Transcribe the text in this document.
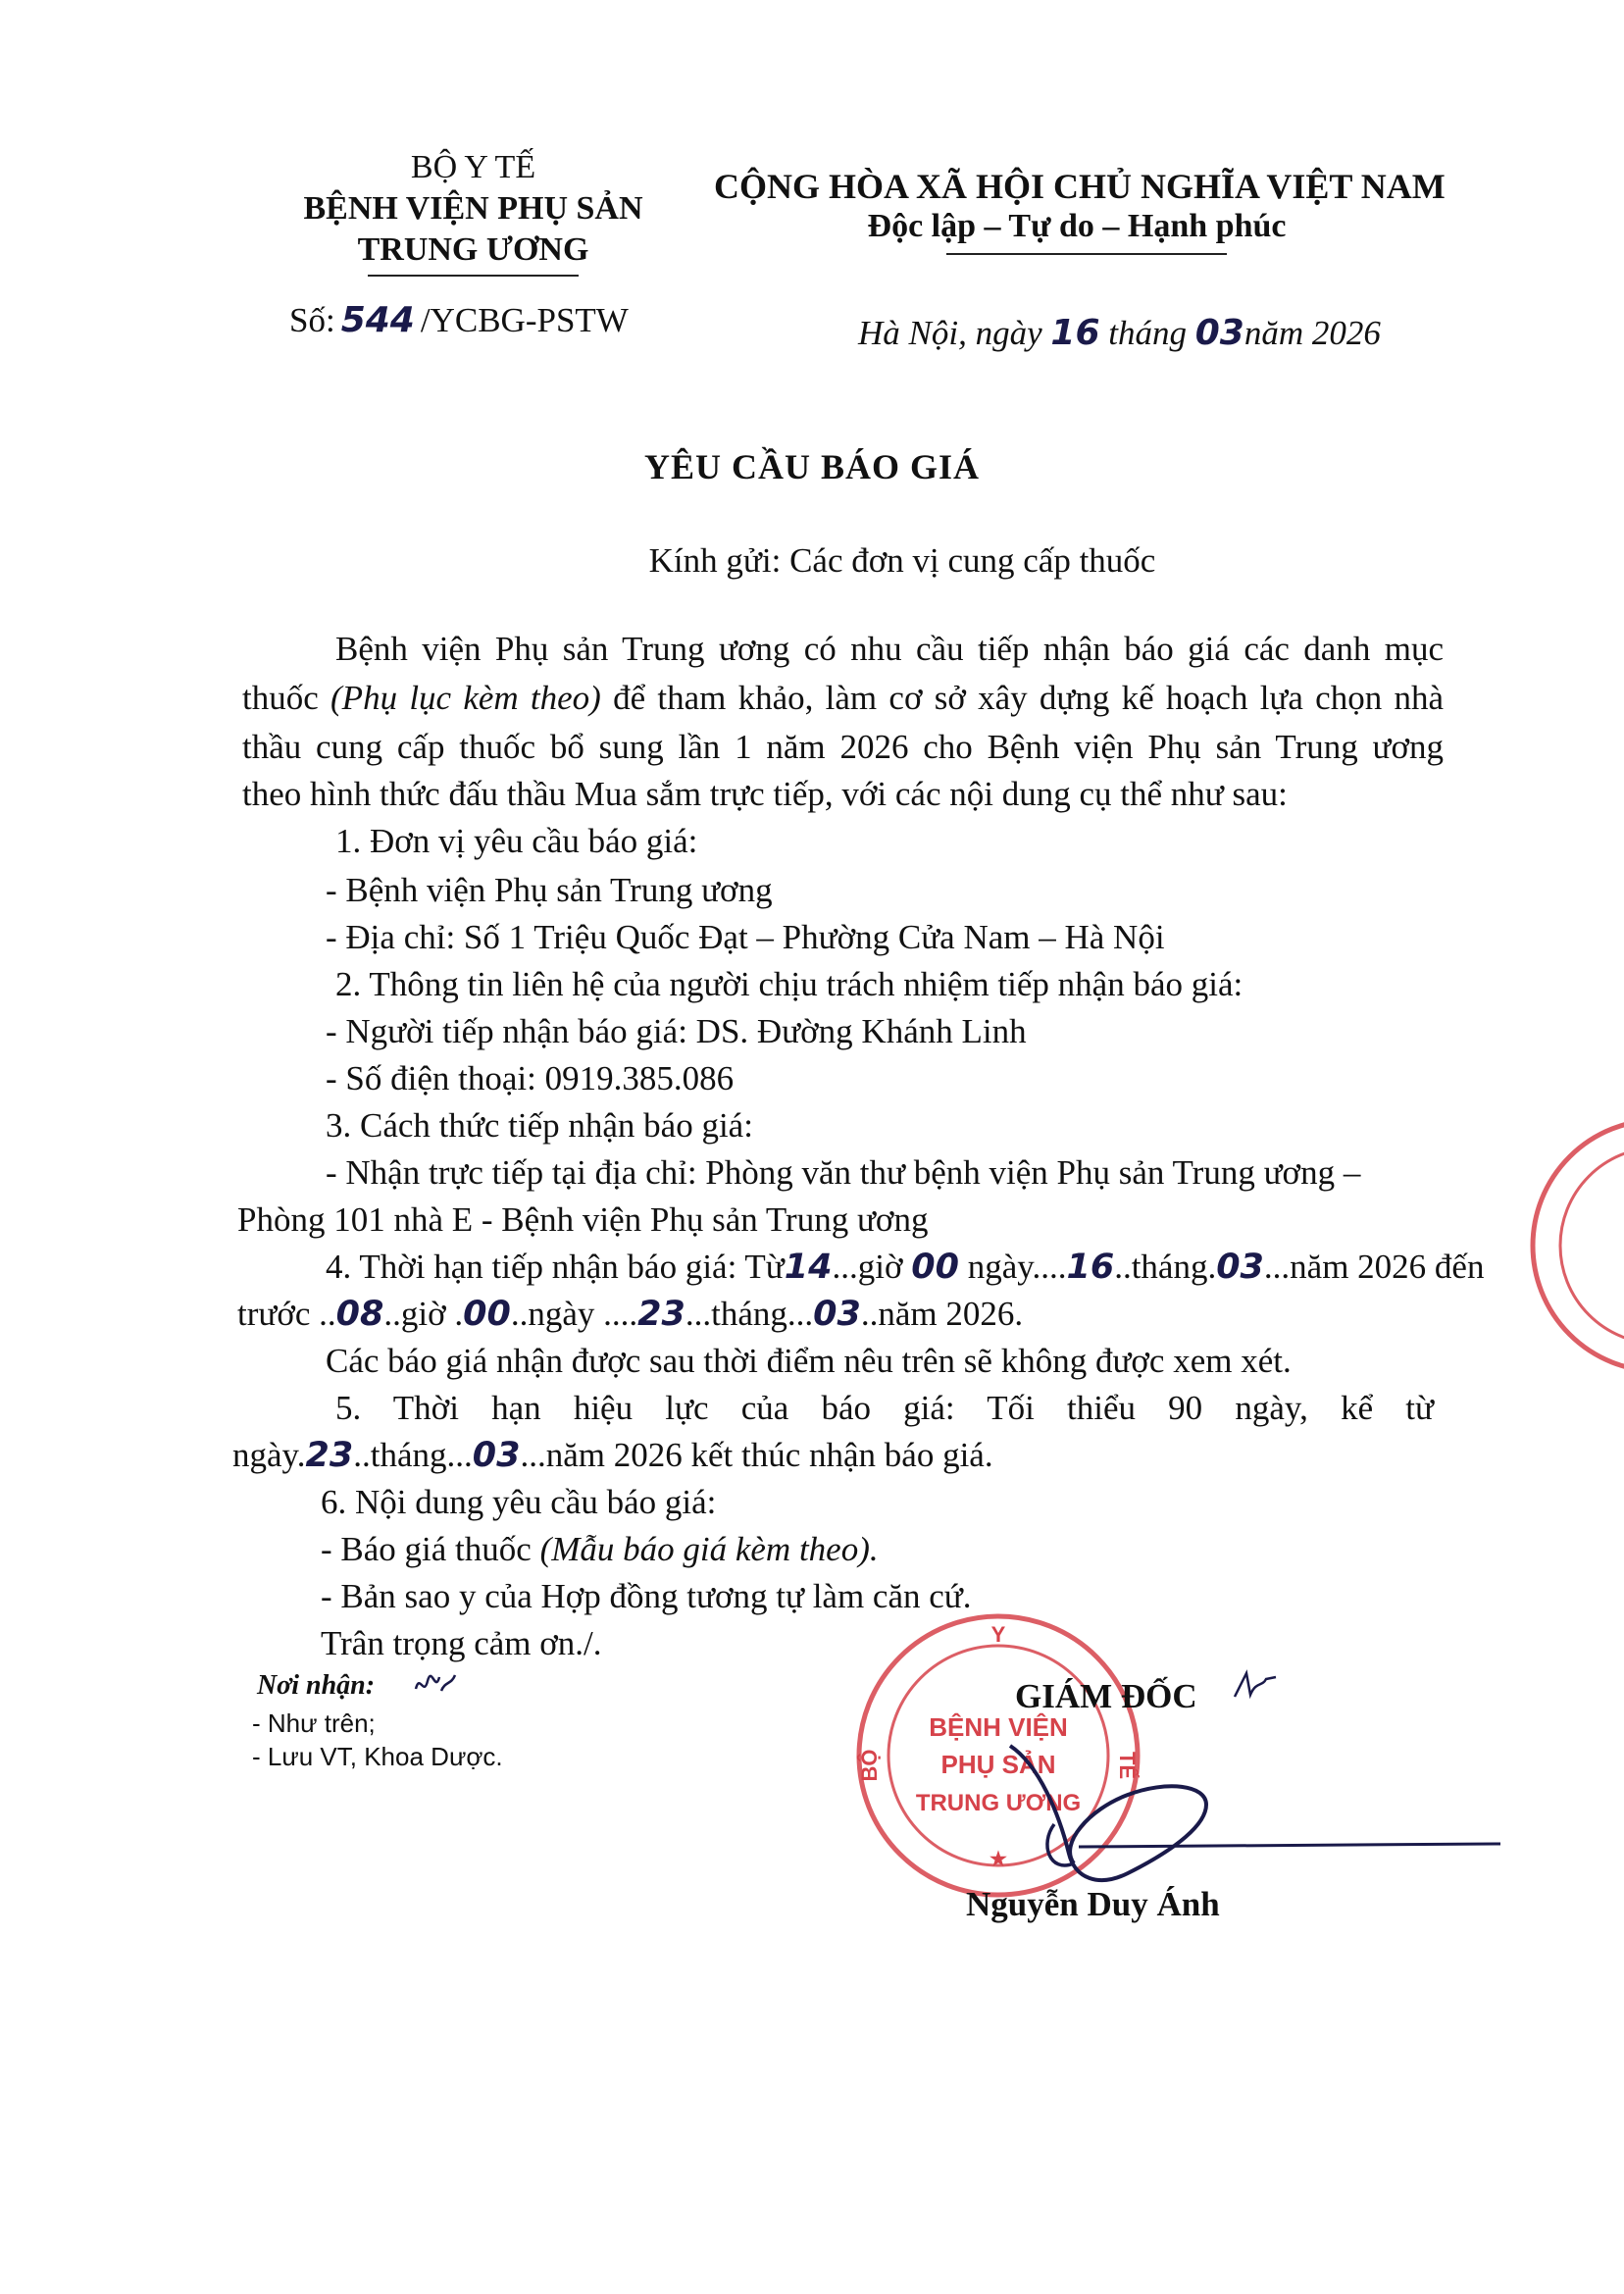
BỘ Y TẾ
BỆNH VIỆN PHỤ SẢN
TRUNG ƯƠNG
Số: 544 /YCBG-PSTW
CỘNG HÒA XÃ HỘI CHỦ NGHĨA VIỆT NAM
Độc lập – Tự do – Hạnh phúc
Hà Nội, ngày 16 tháng 03năm 2026
YÊU CẦU BÁO GIÁ
Kính gửi: Các đơn vị cung cấp thuốc
Bệnh viện Phụ sản Trung ương có nhu cầu tiếp nhận báo giá các danh mục
thuốc (Phụ lục kèm theo) để tham khảo, làm cơ sở xây dựng kế hoạch lựa chọn nhà
thầu cung cấp thuốc bổ sung lần 1 năm 2026 cho Bệnh viện Phụ sản Trung ương
theo hình thức đấu thầu Mua sắm trực tiếp, với các nội dung cụ thể như sau:
1. Đơn vị yêu cầu báo giá:
- Bệnh viện Phụ sản Trung ương
- Địa chỉ: Số 1 Triệu Quốc Đạt – Phường Cửa Nam – Hà Nội
2. Thông tin liên hệ của người chịu trách nhiệm tiếp nhận báo giá:
- Người tiếp nhận báo giá: DS. Đường Khánh Linh
- Số điện thoại: 0919.385.086
3. Cách thức tiếp nhận báo giá:
- Nhận trực tiếp tại địa chỉ: Phòng văn thư bệnh viện Phụ sản Trung ương –
Phòng 101 nhà E - Bệnh viện Phụ sản Trung ương
4. Thời hạn tiếp nhận báo giá: Từ14...giờ 00 ngày....16..tháng.03...năm 2026 đến
trước ..08..giờ .00..ngày ....23...tháng...03..năm 2026.
Các báo giá nhận được sau thời điểm nêu trên sẽ không được xem xét.
5. Thời hạn hiệu lực của báo giá: Tối thiểu 90 ngày, kể từ
ngày.23..tháng...03...năm 2026 kết thúc nhận báo giá.
6. Nội dung yêu cầu báo giá:
- Báo giá thuốc (Mẫu báo giá kèm theo).
- Bản sao y của Hợp đồng tương tự làm căn cứ.
Trân trọng cảm ơn./.
Nơi nhận:
- Như trên;
- Lưu VT, Khoa Dược.
Y
BỘ	TẾ
BỆNH VIỆN
PHỤ SẢN
TRUNG ƯƠNG
★
GIÁM ĐỐC
Nguyễn Duy Ánh
